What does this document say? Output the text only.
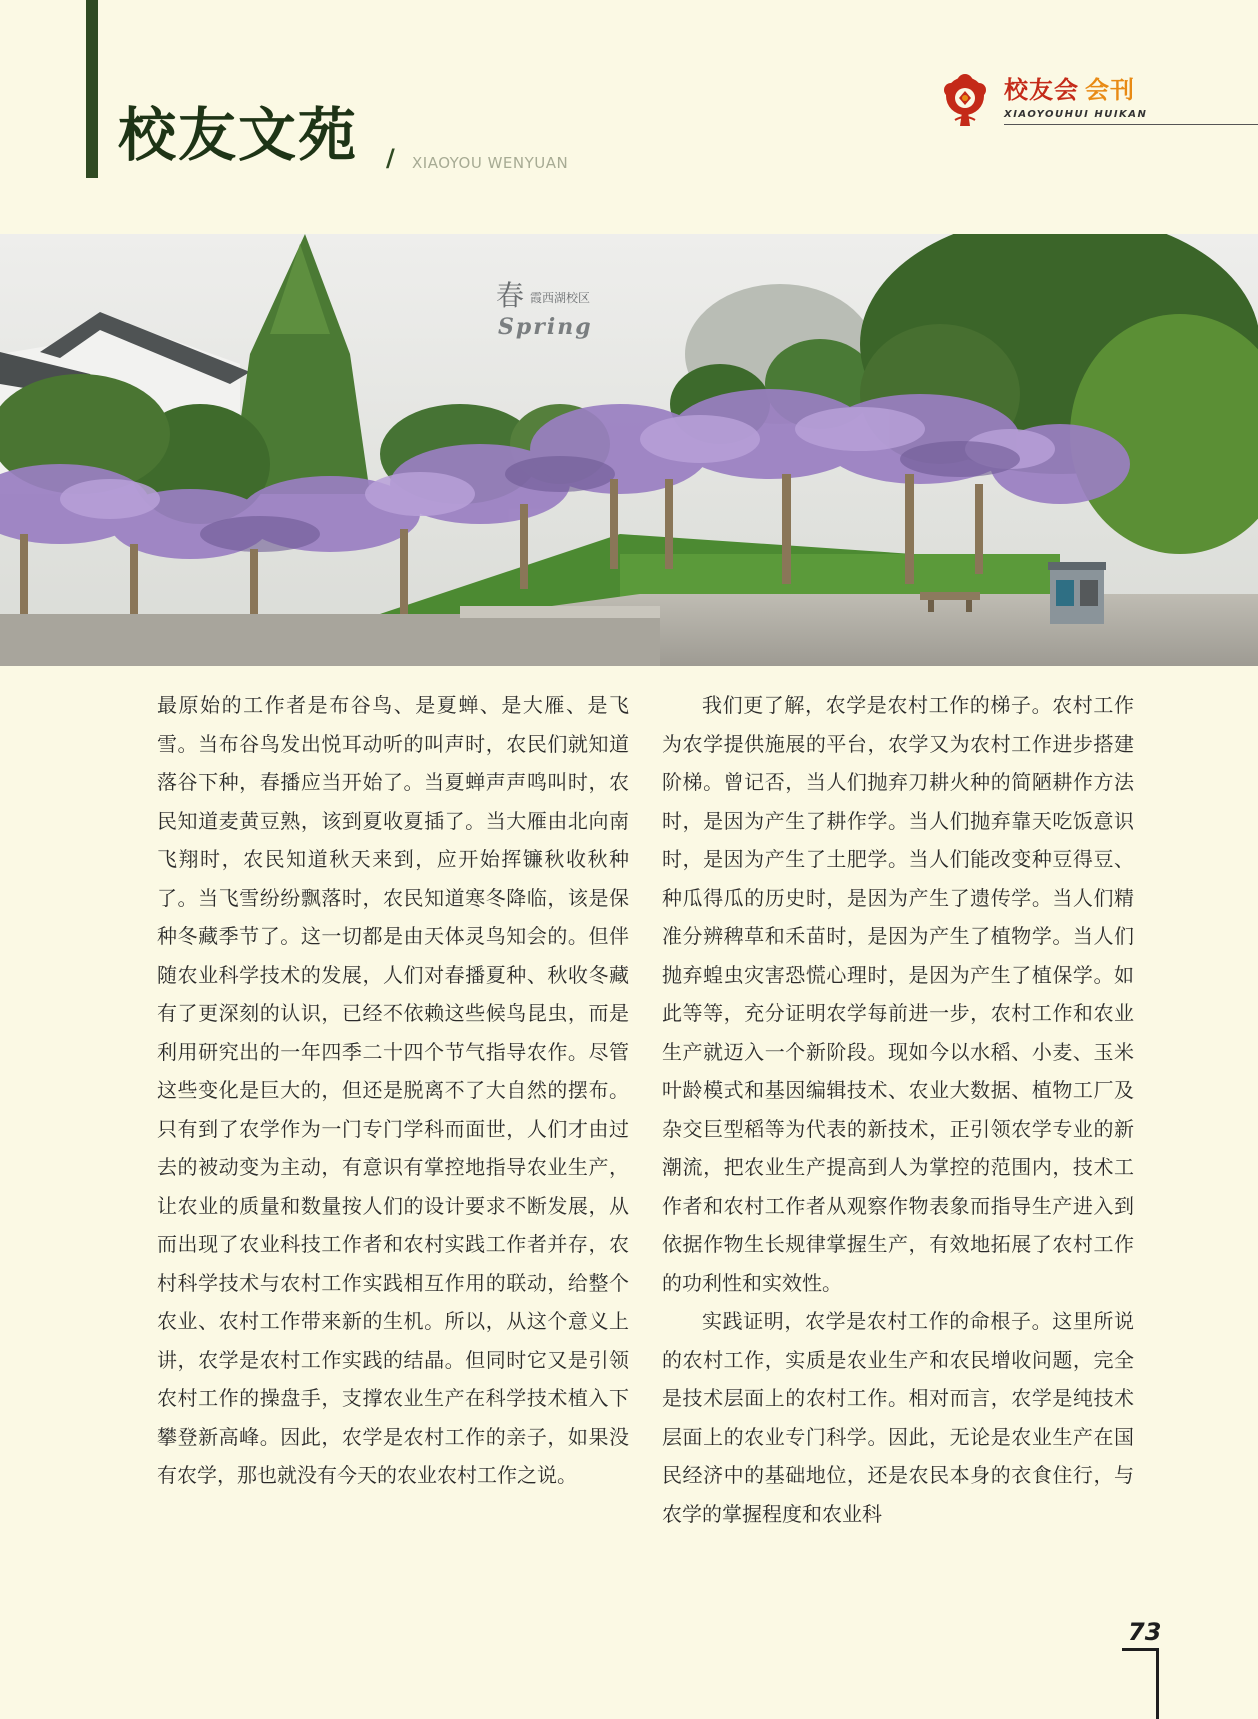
校友文苑 / XIAOYOU WENYUAN
校友会 会刊
XIAOYOUHUI HUIKAN
春 霞西湖校区
Spring

最原始的工作者是布谷鸟、是夏蝉、是大雁、是飞雪。当布谷鸟发出悦耳动听的叫声时，农民们就知道落谷下种，春播应当开始了。当夏蝉声声鸣叫时，农民知道麦黄豆熟，该到夏收夏插了。当大雁由北向南飞翔时，农民知道秋天来到，应开始挥镰秋收秋种了。当飞雪纷纷飘落时，农民知道寒冬降临，该是保种冬藏季节了。这一切都是由天体灵鸟知会的。但伴随农业科学技术的发展，人们对春播夏种、秋收冬藏有了更深刻的认识，已经不依赖这些候鸟昆虫，而是利用研究出的一年四季二十四个节气指导农作。尽管这些变化是巨大的，但还是脱离不了大自然的摆布。只有到了农学作为一门专门学科而面世，人们才由过去的被动变为主动，有意识有掌控地指导农业生产，让农业的质量和数量按人们的设计要求不断发展，从而出现了农业科技工作者和农村实践工作者并存，农村科学技术与农村工作实践相互作用的联动，给整个农业、农村工作带来新的生机。所以，从这个意义上讲，农学是农村工作实践的结晶。但同时它又是引领农村工作的操盘手，支撑农业生产在科学技术植入下攀登新高峰。因此，农学是农村工作的亲子，如果没有农学，那也就没有今天的农业农村工作之说。

我们更了解，农学是农村工作的梯子。农村工作为农学提供施展的平台，农学又为农村工作进步搭建阶梯。曾记否，当人们抛弃刀耕火种的简陋耕作方法时，是因为产生了耕作学。当人们抛弃靠天吃饭意识时，是因为产生了土肥学。当人们能改变种豆得豆、种瓜得瓜的历史时，是因为产生了遗传学。当人们精准分辨稗草和禾苗时，是因为产生了植物学。当人们抛弃蝗虫灾害恐慌心理时，是因为产生了植保学。如此等等，充分证明农学每前进一步，农村工作和农业生产就迈入一个新阶段。现如今以水稻、小麦、玉米叶龄模式和基因编辑技术、农业大数据、植物工厂及杂交巨型稻等为代表的新技术，正引领农学专业的新潮流，把农业生产提高到人为掌控的范围内，技术工作者和农村工作者从观察作物表象而指导生产进入到依据作物生长规律掌握生产，有效地拓展了农村工作的功利性和实效性。

实践证明，农学是农村工作的命根子。这里所说的农村工作，实质是农业生产和农民增收问题，完全是技术层面上的农村工作。相对而言，农学是纯技术层面上的农业专门科学。因此，无论是农业生产在国民经济中的基础地位，还是农民本身的衣食住行，与农学的掌握程度和农业科

73
